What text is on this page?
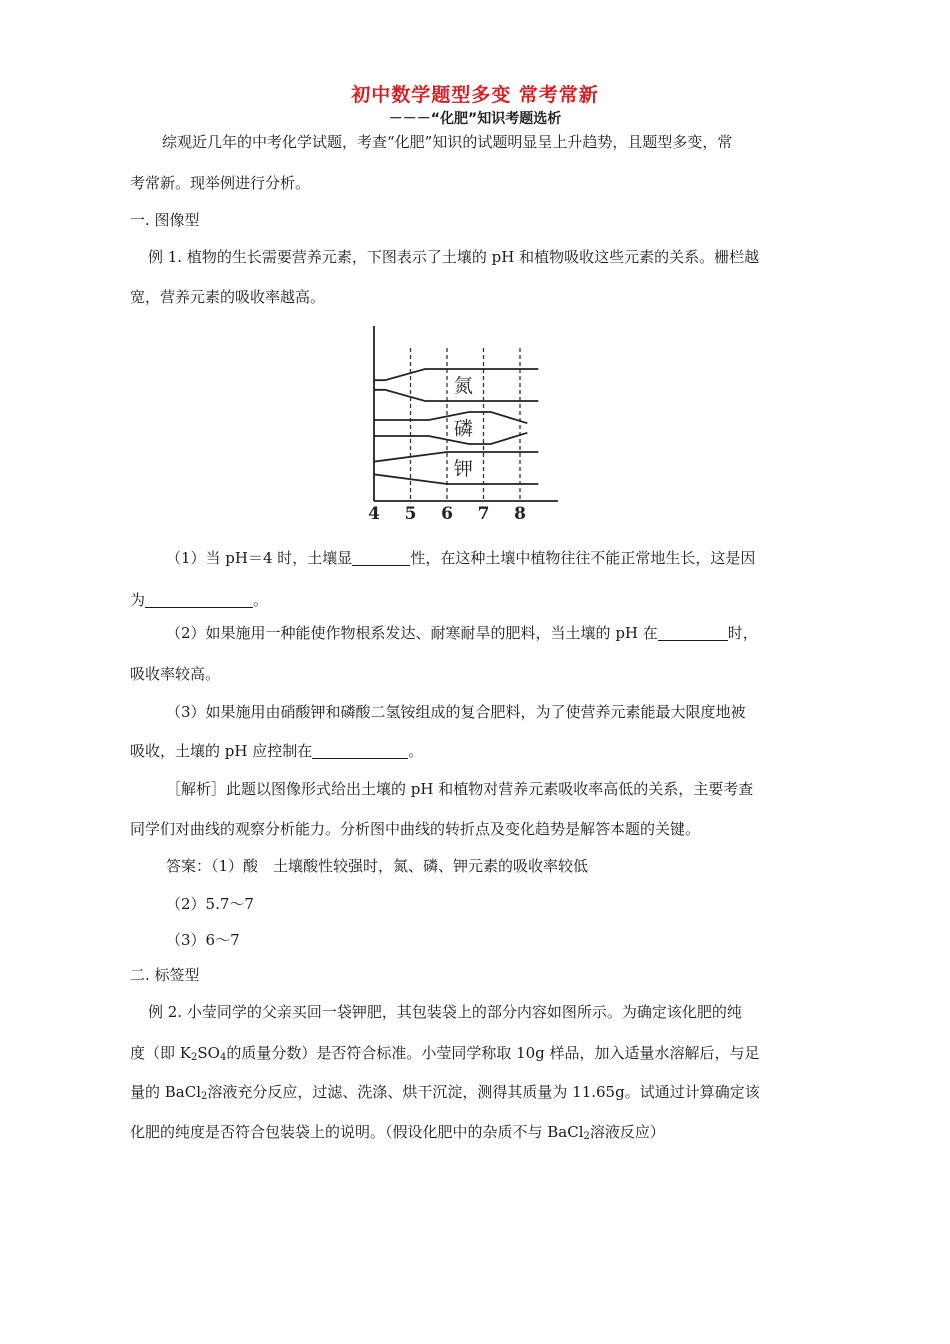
初中数学题型多变 常考常新
－－－“化肥”知识考题选析
综观近几年的中考化学试题，考查“化肥”知识的试题明显呈上升趋势，且题型多变，常
考常新。现举例进行分析。
一. 图像型
例 1. 植物的生长需要营养元素，下图表示了土壤的 pH 和植物吸收这些元素的关系。栅栏越
宽，营养元素的吸收率越高。
氮
磷
钾
4 5 6 7 8
（1）当 pH＝4 时，土壤显	性，在这种土壤中植物往往不能正常地生长，这是因
为	。
（2）如果施用一种能使作物根系发达、耐寒耐旱的肥料，当土壤的 pH 在	时，
吸收率较高。
（3）如果施用由硝酸钾和磷酸二氢铵组成的复合肥料，为了使营养元素能最大限度地被
吸收，土壤的 pH 应控制在	。
［解析］此题以图像形式给出土壤的 pH 和植物对营养元素吸收率高低的关系，主要考查
同学们对曲线的观察分析能力。分析图中曲线的转折点及变化趋势是解答本题的关键。
答案：（1）酸　土壤酸性较强时，氮、磷、钾元素的吸收率较低
（2）5.7～7
（3）6～7
二. 标签型
例 2. 小莹同学的父亲买回一袋钾肥，其包装袋上的部分内容如图所示。为确定该化肥的纯
度（即 $K_2SO_4$的质量分数）是否符合标准。小莹同学称取 10g 样品，加入适量水溶解后，与足
量的 BaCl$_2$溶液充分反应，过滤、洗涤、烘干沉淀，测得其质量为 11.65g。试通过计算确定该
化肥的纯度是否符合包装袋上的说明。（假设化肥中的杂质不与 BaCl$_2$溶液反应）
